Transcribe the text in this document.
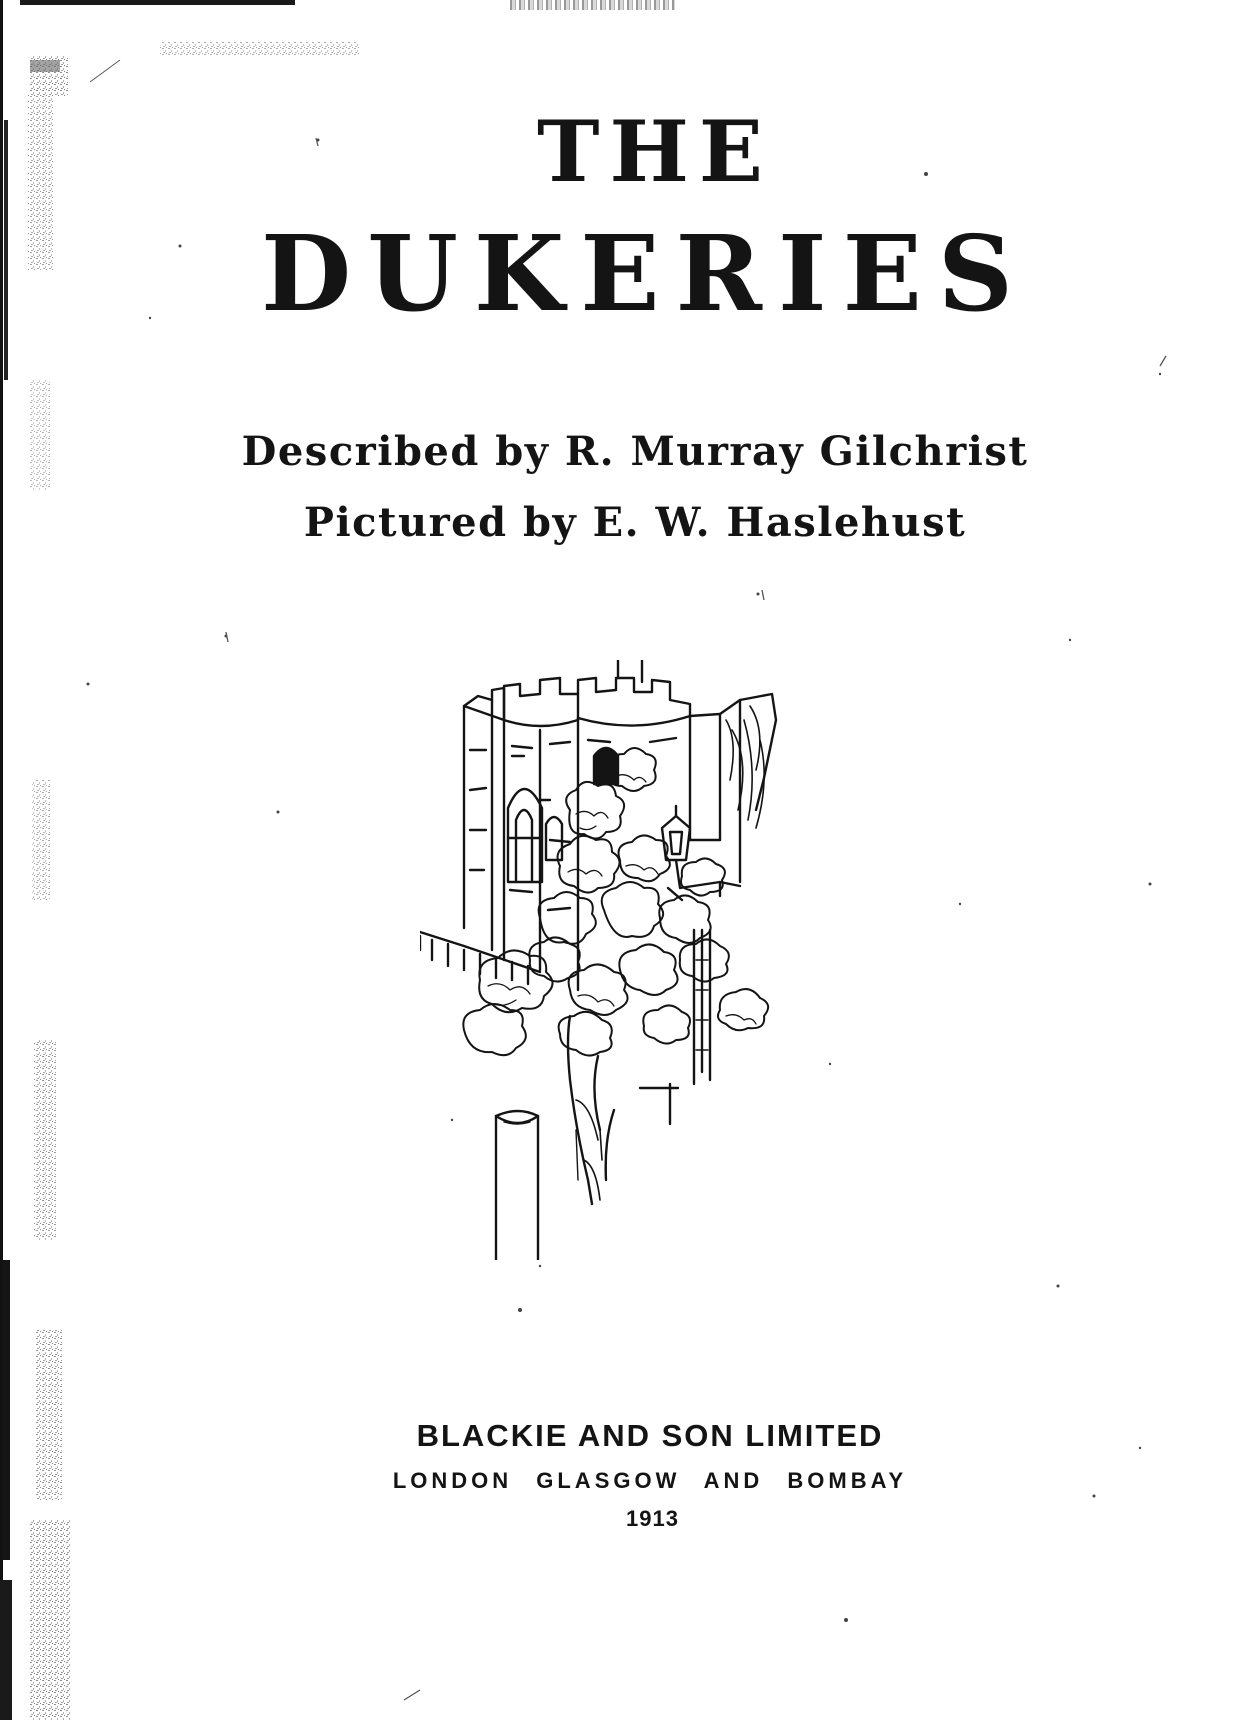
THE
DUKERIES
Described by R. Murray Gilchrist
Pictured by E. W. Haslehust
BLACKIE AND SON LIMITED
LONDON GLASGOW AND BOMBAY
1913
